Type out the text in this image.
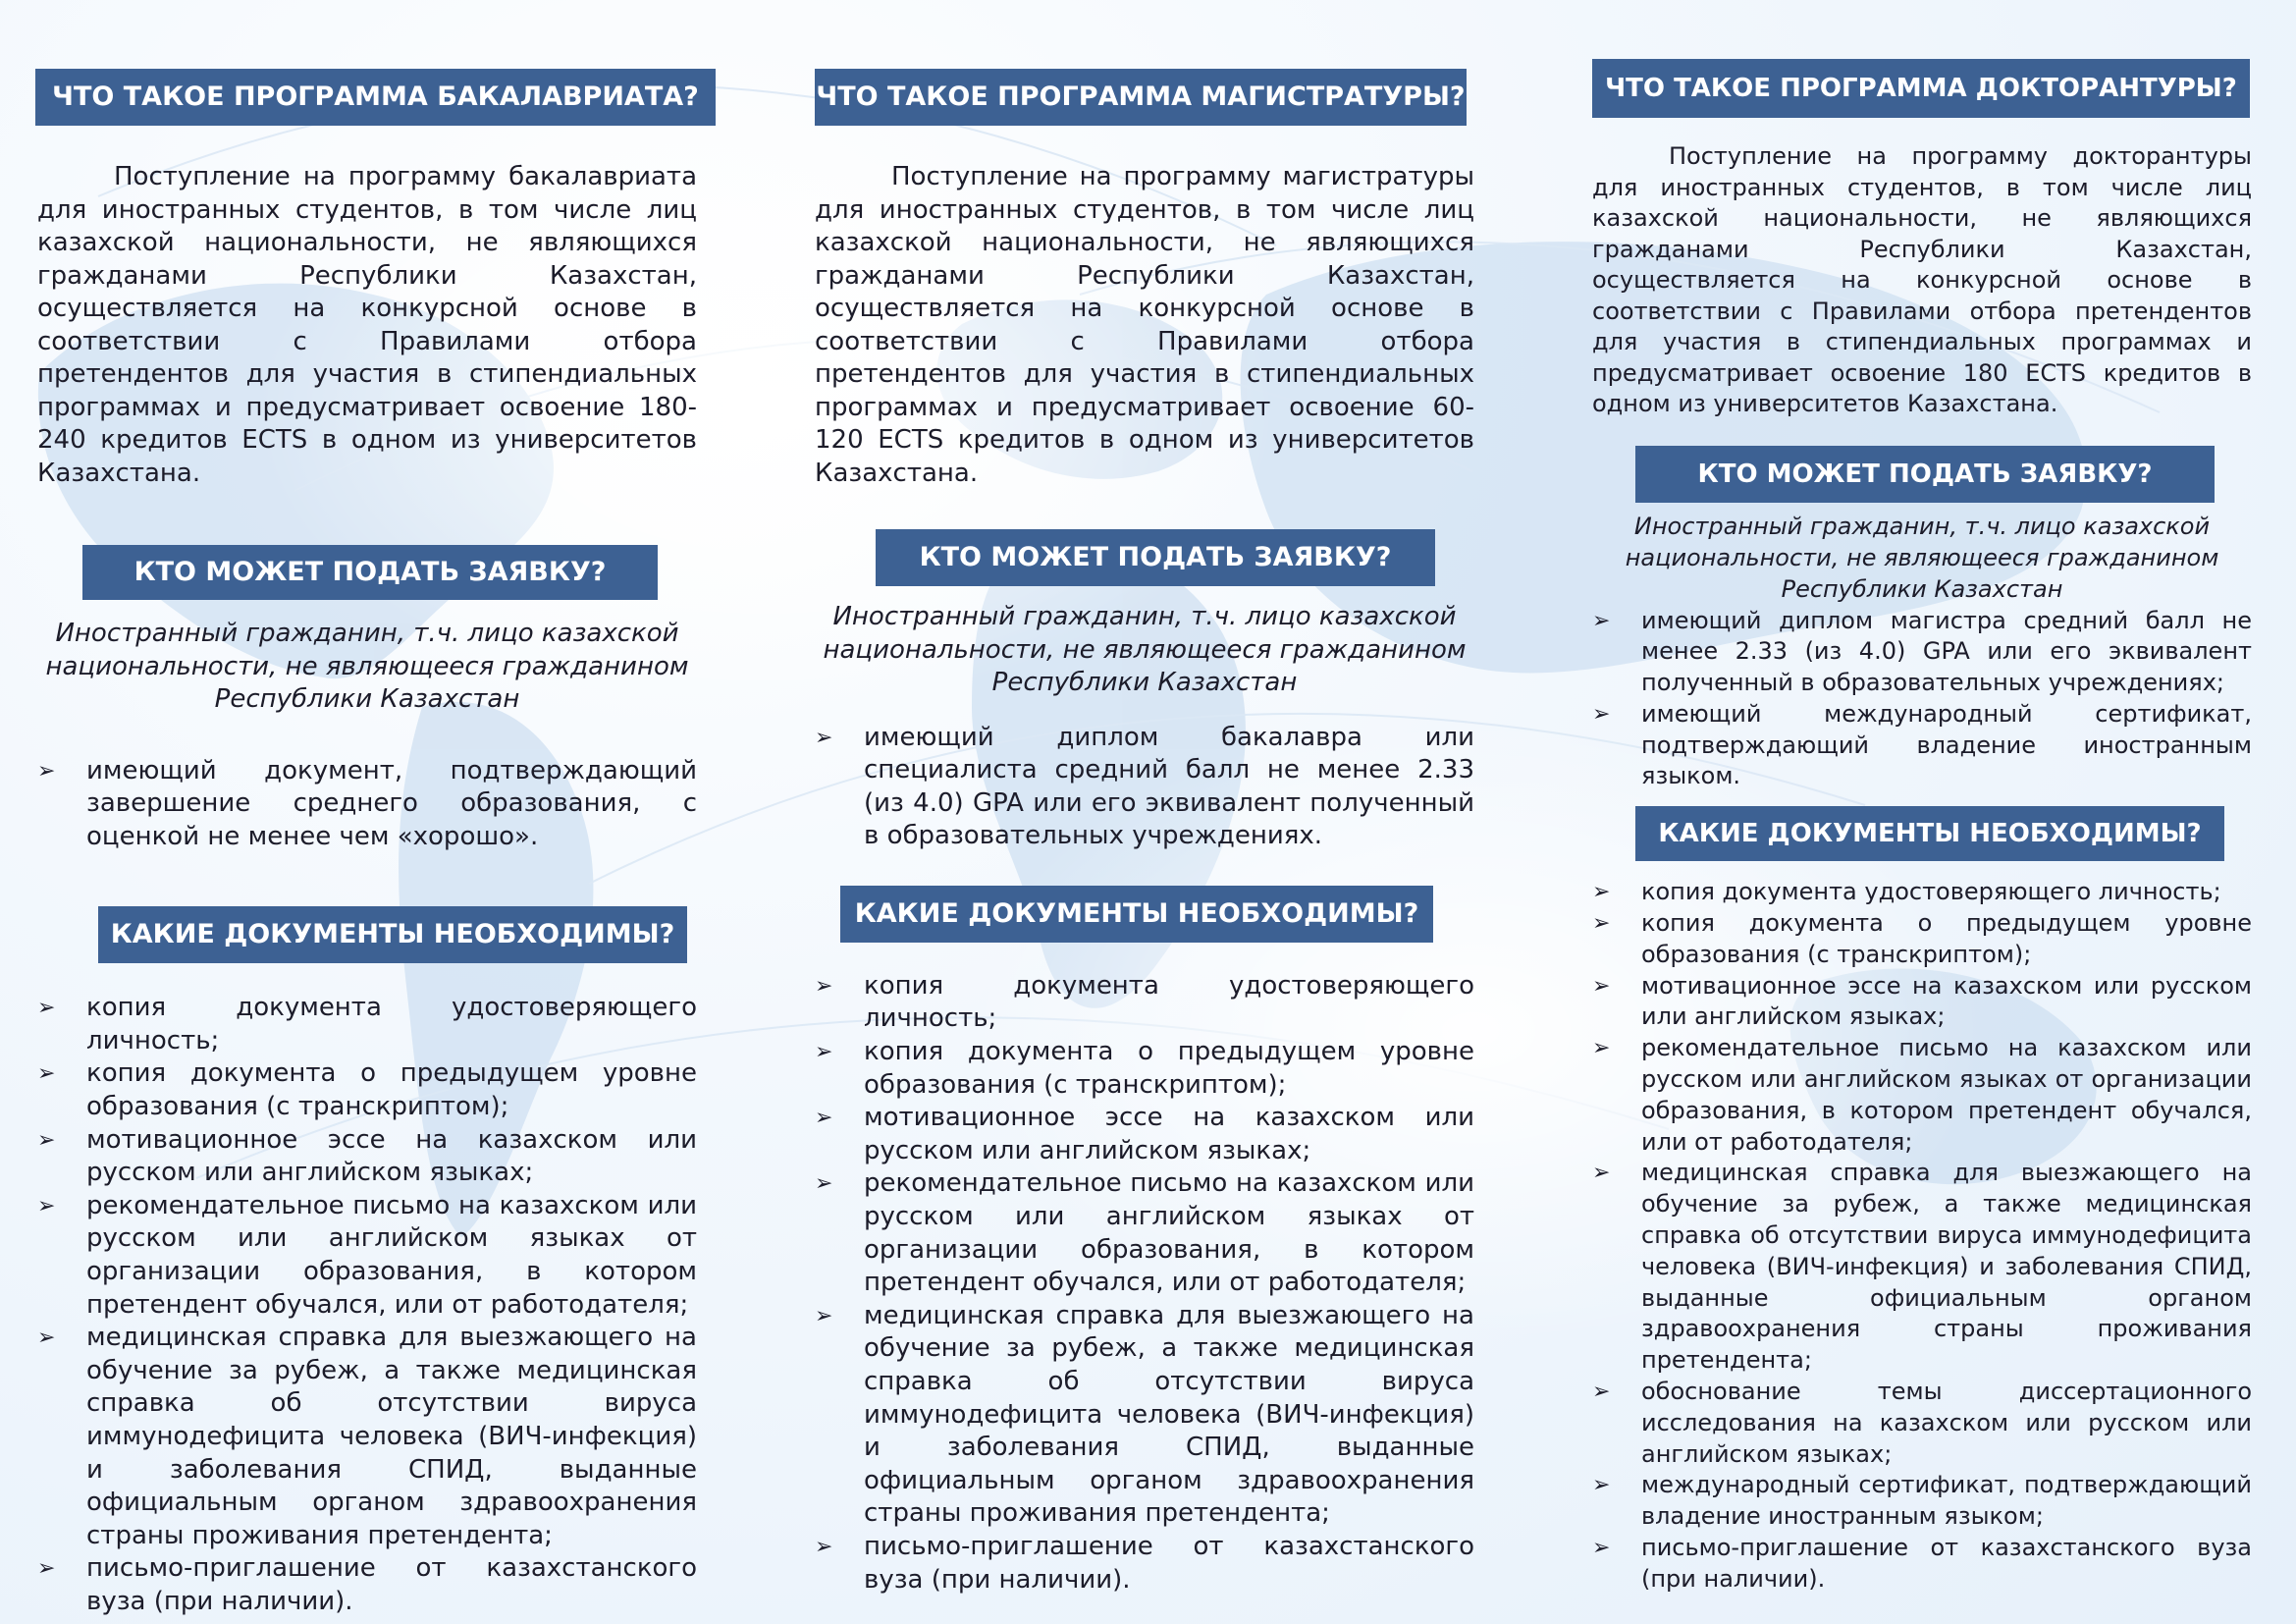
ЧТО ТАКОЕ ПРОГРАММА БАКАЛАВРИАТА?

Поступление на программу бакалавриата для иностранных студентов, в том числе лиц казахской национальности, не являющихся гражданами Республики Казахстан, осуществляется на конкурсной основе в соответствии с Правилами отбора претендентов для участия в стипендиальных программах и предусматривает освоение 180-240 кредитов ECTS в одном из университетов Казахстана.

КТО МОЖЕТ ПОДАТЬ ЗАЯВКУ?

Иностранный гражданин, т.ч. лицо казахской национальности, не являющееся гражданином Республики Казахстан

➢	имеющий документ, подтверждающий завершение среднего образования, с оценкой не менее чем «хорошо».
КАКИЕ ДОКУМЕНТЫ НЕОБХОДИМЫ?
➢	копия документа удостоверяющего личность;
➢	копия документа о предыдущем уровне образования (с транскриптом);
➢	мотивационное эссе на казахском или русском или английском языках;
➢	рекомендательное письмо на казахском или русском или английском языках от организации образования, в котором претендент обучался, или от работодателя;
➢	медицинская справка для выезжающего на обучение за рубеж, а также медицинская справка об отсутствии вируса иммунодефицита человека (ВИЧ-инфекция) и заболевания СПИД, выданные официальным органом здравоохранения страны проживания претендента;
➢	письмо-приглашение от казахстанского вуза (при наличии).
ЧТО ТАКОЕ ПРОГРАММА МАГИСТРАТУРЫ?

Поступление на программу магистратуры для иностранных студентов, в том числе лиц казахской национальности, не являющихся гражданами Республики Казахстан, осуществляется на конкурсной основе в соответствии с Правилами отбора претендентов для участия в стипендиальных программах и предусматривает освоение 60-120 ECTS кредитов в одном из университетов Казахстана.

КТО МОЖЕТ ПОДАТЬ ЗАЯВКУ?

Иностранный гражданин, т.ч. лицо казахской национальности, не являющееся гражданином Республики Казахстан

➢	имеющий диплом бакалавра или специалиста средний балл не менее 2.33 (из 4.0) GPA или его эквивалент полученный в образовательных учреждениях.
КАКИЕ ДОКУМЕНТЫ НЕОБХОДИМЫ?
➢	копия документа удостоверяющего личность;
➢	копия документа о предыдущем уровне образования (с транскриптом);
➢	мотивационное эссе на казахском или русском или английском языках;
➢	рекомендательное письмо на казахском или русском или английском языках от организации образования, в котором претендент обучался, или от работодателя;
➢	медицинская справка для выезжающего на обучение за рубеж, а также медицинская справка об отсутствии вируса иммунодефицита человека (ВИЧ-инфекция) и заболевания СПИД, выданные официальным органом здравоохранения страны проживания претендента;
➢	письмо-приглашение от казахстанского вуза (при наличии).
ЧТО ТАКОЕ ПРОГРАММА ДОКТОРАНТУРЫ?

Поступление на программу докторантуры для иностранных студентов, в том числе лиц казахской национальности, не являющихся гражданами Республики Казахстан, осуществляется на конкурсной основе в соответствии с Правилами отбора претендентов для участия в стипендиальных программах и предусматривает освоение 180 ECTS кредитов в одном из университетов Казахстана.

КТО МОЖЕТ ПОДАТЬ ЗАЯВКУ?

Иностранный гражданин, т.ч. лицо казахской национальности, не являющееся гражданином Республики Казахстан

➢	имеющий диплом магистра средний балл не менее 2.33 (из 4.0) GPA или его эквивалент полученный в образовательных учреждениях;
➢	имеющий международный сертификат, подтверждающий владение иностранным языком.
КАКИЕ ДОКУМЕНТЫ НЕОБХОДИМЫ?
➢	копия документа удостоверяющего личность;
➢	копия документа о предыдущем уровне образования (с транскриптом);
➢	мотивационное эссе на казахском или русском или английском языках;
➢	рекомендательное письмо на казахском или русском или английском языках от организации образования, в котором претендент обучался, или от работодателя;
➢	медицинская справка для выезжающего на обучение за рубеж, а также медицинская справка об отсутствии вируса иммунодефицита человека (ВИЧ-инфекция) и заболевания СПИД, выданные официальным органом здравоохранения страны проживания претендента;
➢	обоснование темы диссертационного исследования на казахском или русском или английском языках;
➢	международный сертификат, подтверждающий владение иностранным языком;
➢	письмо-приглашение от казахстанского вуза (при наличии).
